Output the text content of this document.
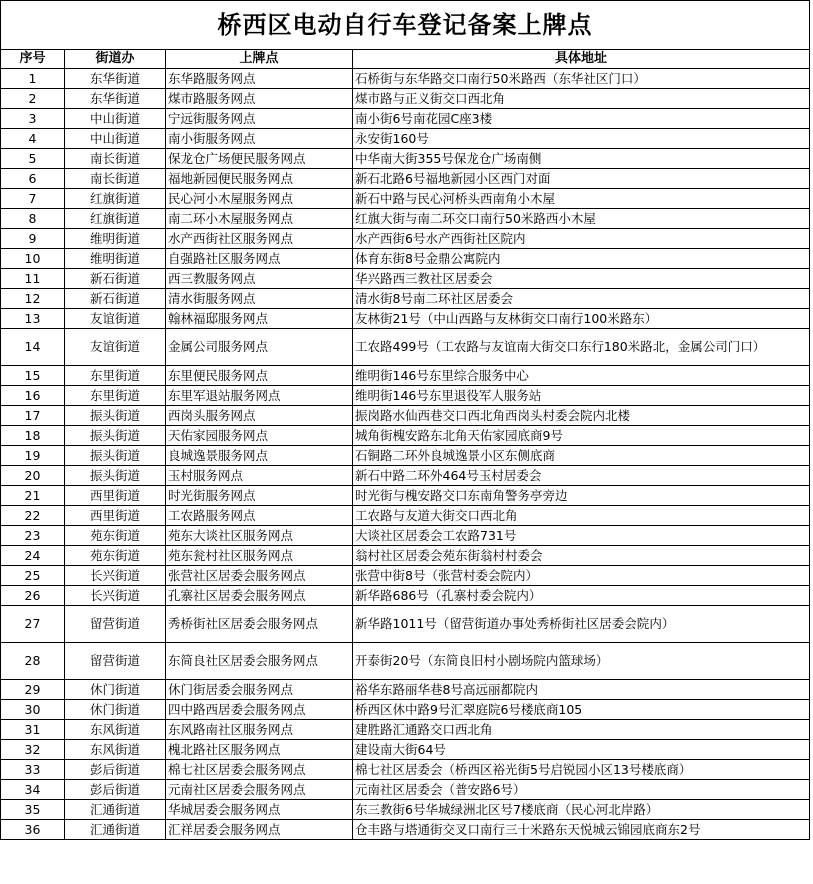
桥西区电动自行车登记备案上牌点			
序号	街道办	上牌点	具体地址
1	东华街道	东华路服务网点	石桥街与东华路交口南行50米路西（东华社区门口）
2	东华街道	煤市路服务网点	煤市路与正义街交口西北角
3	中山街道	宁远街服务网点	南小街6号南花园C座3楼
4	中山街道	南小街服务网点	永安街160号
5	南长街道	保龙仓广场便民服务网点	中华南大街355号保龙仓广场南侧
6	南长街道	福地新园便民服务网点	新石北路6号福地新园小区西门对面
7	红旗街道	民心河小木屋服务网点	新石中路与民心河桥头西南角小木屋
8	红旗街道	南二环小木屋服务网点	红旗大街与南二环交口南行50米路西小木屋
9	维明街道	水产西街社区服务网点	水产西街6号水产西街社区院内
10	维明街道	自强路社区服务网点	体育东街8号金鼎公寓院内
11	新石街道	西三教服务网点	华兴路西三教社区居委会
12	新石街道	清水街服务网点	清水街8号南二环社区居委会
13	友谊街道	翰林福邸服务网点	友林街21号（中山西路与友林街交口南行100米路东）
14	友谊街道	金属公司服务网点	工农路499号（工农路与友谊南大街交口东行180米路北，金属公司门口）
15	东里街道	东里便民服务网点	维明街146号东里综合服务中心
16	东里街道	东里军退站服务网点	维明街146号东里退役军人服务站
17	振头街道	西岗头服务网点	振岗路水仙西巷交口西北角西岗头村委会院内北楼
18	振头街道	天佑家园服务网点	城角街槐安路东北角天佑家园底商9号
19	振头街道	良城逸景服务网点	石铜路二环外良城逸景小区东侧底商
20	振头街道	玉村服务网点	新石中路二环外464号玉村居委会
21	西里街道	时光街服务网点	时光街与槐安路交口东南角警务亭旁边
22	西里街道	工农路服务网点	工农路与友道大街交口西北角
23	苑东街道	苑东大谈社区服务网点	大谈社区居委会工农路731号
24	苑东街道	苑东瓮村社区服务网点	翁村社区居委会苑东街翁村村委会
25	长兴街道	张营社区居委会服务网点	张营中街8号（张营村委会院内）
26	长兴街道	孔寨社区居委会服务网点	新华路686号（孔寨村委会院内）
27	留营街道	秀桥街社区居委会服务网点	新华路1011号（留营街道办事处秀桥街社区居委会院内）
28	留营街道	东简良社区居委会服务网点	开泰街20号（东简良旧村小剧场院内篮球场）
29	休门街道	休门街居委会服务网点	裕华东路丽华巷8号高远丽都院内
30	休门街道	四中路西居委会服务网点	桥西区休中路9号汇翠庭院6号楼底商105
31	东风街道	东风路南社区服务网点	建胜路汇通路交口西北角
32	东风街道	槐北路社区服务网点	建设南大街64号
33	彭后街道	棉七社区居委会服务网点	棉七社区居委会（桥西区裕光街5号启锐园小区13号楼底商）
34	彭后街道	元南社区居委会服务网点	元南社区居委会（普安路6号）
35	汇通街道	华城居委会服务网点	东三教街6号华城绿洲北区号7楼底商（民心河北岸路）
36	汇通街道	汇祥居委会服务网点	仓丰路与塔通街交叉口南行三十米路东天悦城云锦园底商东2号
